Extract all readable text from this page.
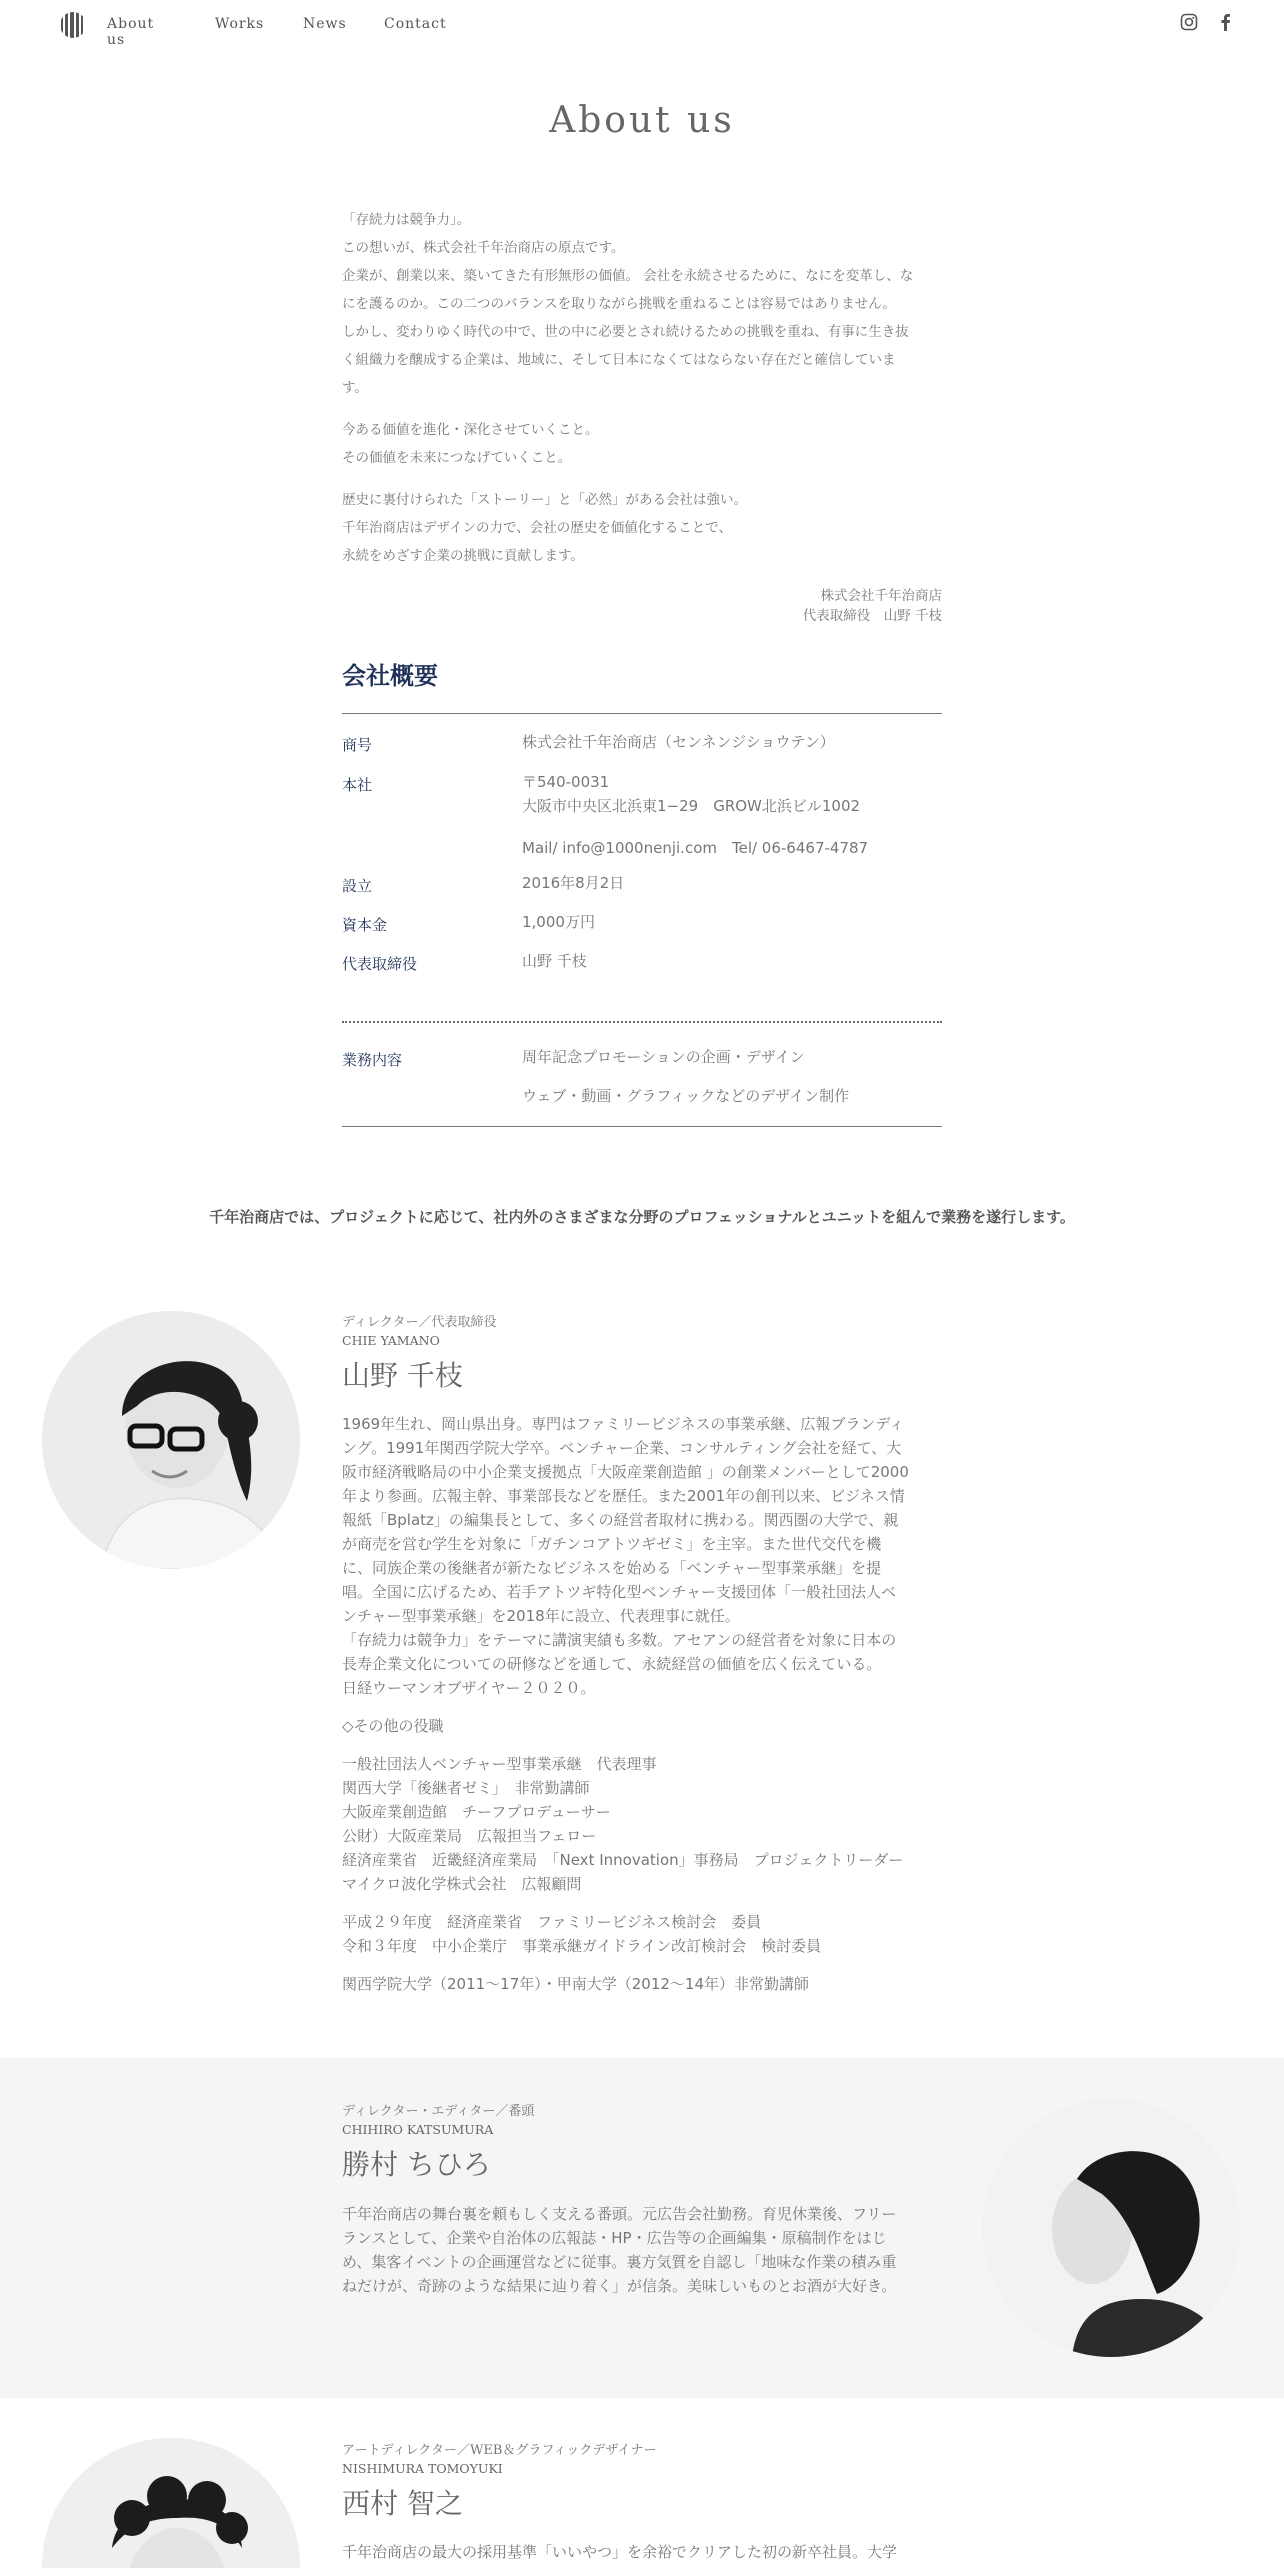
About us
Works	News	Contact
About us

「存続力は競争力」。
この想いが、株式会社千年治商店の原点です。
企業が、創業以来、築いてきた有形無形の価値。 会社を永続させるために、なにを変革し、な
にを護るのか。この二つのバランスを取りながら挑戦を重ねることは容易ではありません。
しかし、変わりゆく時代の中で、世の中に必要とされ続けるための挑戦を重ね、有事に生き抜
く組織力を醸成する企業は、地域に、そして日本になくてはならない存在だと確信していま
す。

今ある価値を進化・深化させていくこと。
その価値を未来につなげていくこと。

歴史に裏付けられた「ストーリー」と「必然」がある会社は強い。
千年治商店はデザインの力で、会社の歴史を価値化することで、
永続をめざす企業の挑戦に貢献します。

株式会社千年治商店
代表取締役　山野 千枝
会社概要
商号	株式会社千年治商店（センネンジショウテン）
本社	〒540-0031
大阪市中央区北浜東1−29　GROW北浜ビル1002
Mail/ info@1000nenji.com　Tel/ 06-6467-4787
設立	2016年8月2日
資本金	1,000万円
代表取締役	山野 千枝
業務内容	周年記念プロモーションの企画・デザイン
ウェブ・動画・グラフィックなどのデザイン制作

千年治商店では、プロジェクトに応じて、社内外のさまざまな分野のプロフェッショナルとユニットを組んで業務を遂行します。

ディレクター／代表取締役
CHIE YAMANO
山野 千枝

1969年生れ、岡山県出身。専門はファミリービジネスの事業承継、広報ブランディ
ング。1991年関西学院大学卒。ベンチャー企業、コンサルティング会社を経て、大
阪市経済戦略局の中小企業支援拠点「大阪産業創造館 」の創業メンバーとして2000
年より参画。広報主幹、事業部長などを歴任。また2001年の創刊以来、ビジネス情
報紙「Bplatz」の編集長として、多くの経営者取材に携わる。関西圏の大学で、親
が商売を営む学生を対象に「ガチンコアトツギゼミ」を主宰。また世代交代を機
に、同族企業の後継者が新たなビジネスを始める「ベンチャー型事業承継」を提
唱。全国に広げるため、若手アトツギ特化型ベンチャー支援団体「一般社団法人ベ
ンチャー型事業承継」を2018年に設立、代表理事に就任。
「存続力は競争力」をテーマに講演実績も多数。アセアンの経営者を対象に日本の
長寿企業文化についての研修などを通して、永続経営の価値を広く伝えている。
日経ウーマンオブザイヤー２０２０。

◇その他の役職

一般社団法人ベンチャー型事業承継　代表理事
関西大学「後継者ゼミ」　非常勤講師
大阪産業創造館　チーフプロデューサー
公財）大阪産業局　広報担当フェロー
経済産業省　近畿経済産業局　「Next Innovation」事務局　プロジェクトリーダー
マイクロ波化学株式会社　広報顧問

平成２９年度　経済産業省　ファミリービジネス検討会　委員
令和３年度　中小企業庁　事業承継ガイドライン改訂検討会　検討委員

関西学院大学（2011～17年）・甲南大学（2012～14年）非常勤講師

ディレクター・エディター／番頭
CHIHIRO KATSUMURA
勝村 ちひろ

千年治商店の舞台裏を頼もしく支える番頭。元広告会社勤務。育児休業後、フリー
ランスとして、企業や自治体の広報誌・HP・広告等の企画編集・原稿制作をはじ
め、集客イベントの企画運営などに従事。裏方気質を自認し「地味な作業の積み重
ねだけが、奇跡のような結果に辿り着く」が信条。美味しいものとお酒が大好き。

アートディレクター／WEB＆グラフィックデザイナー
NISHIMURA TOMOYUKI
西村 智之

千年治商店の最大の採用基準「いいやつ」を余裕でクリアした初の新卒社員。大学
